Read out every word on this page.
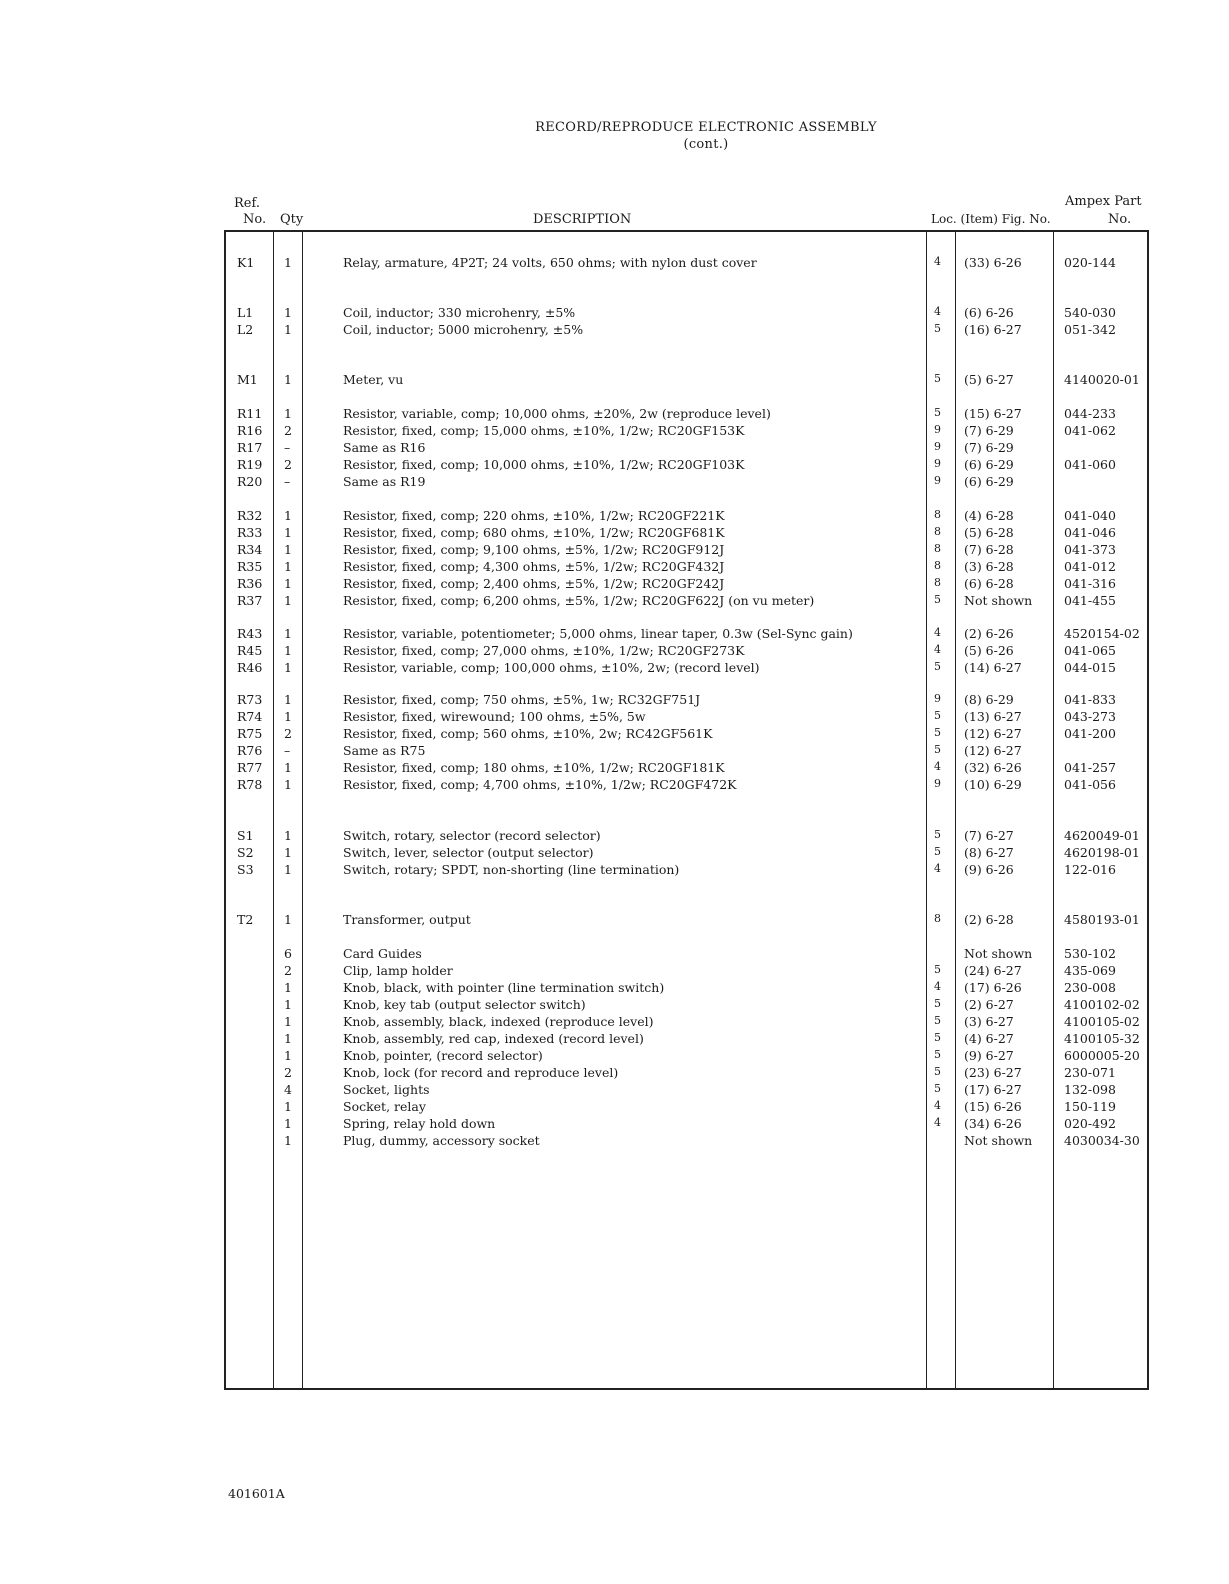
RECORD/REPRODUCE ELECTRONIC ASSEMBLY
(cont.)
Ref.
No. Qty	DESCRIPTION	Loc. (Item) Fig. No.
Ampex Part
No.
K1 1	Relay, armature, 4P2T; 24 volts, 650 ohms; with nylon dust cover	4 (33) 6-26	020-144
L1 1	Coil, inductor; 330 microhenry, ±5%	4 (6) 6-26	540-030
L2 1	Coil, inductor; 5000 microhenry, ±5%	5 (16) 6-27	051-342
M1 1	Meter, vu	5 (5) 6-27	4140020-01
R11 1	Resistor, variable, comp; 10,000 ohms, ±20%, 2w (reproduce level)	5 (15) 6-27	044-233
R16 2	Resistor, fixed, comp; 15,000 ohms, ±10%, 1/2w; RC20GF153K	9 (7) 6-29	041-062
R17 –	Same as R16	9 (7) 6-29
R19 2	Resistor, fixed, comp; 10,000 ohms, ±10%, 1/2w; RC20GF103K	9 (6) 6-29	041-060
R20 –	Same as R19	9 (6) 6-29
R32 1	Resistor, fixed, comp; 220 ohms, ±10%, 1/2w; RC20GF221K	8 (4) 6-28	041-040
R33 1	Resistor, fixed, comp; 680 ohms, ±10%, 1/2w; RC20GF681K	8 (5) 6-28	041-046
R34 1	Resistor, fixed, comp; 9,100 ohms, ±5%, 1/2w; RC20GF912J	8 (7) 6-28	041-373
R35 1	Resistor, fixed, comp; 4,300 ohms, ±5%, 1/2w; RC20GF432J	8 (3) 6-28	041-012
R36 1	Resistor, fixed, comp; 2,400 ohms, ±5%, 1/2w; RC20GF242J	8 (6) 6-28	041-316
R37 1	Resistor, fixed, comp; 6,200 ohms, ±5%, 1/2w; RC20GF622J (on vu meter)	5 Not shown	041-455
R43 1	Resistor, variable, potentiometer; 5,000 ohms, linear taper, 0.3w (Sel-Sync gain)	4 (2) 6-26	4520154-02
R45 1	Resistor, fixed, comp; 27,000 ohms, ±10%, 1/2w; RC20GF273K	4 (5) 6-26	041-065
R46 1	Resistor, variable, comp; 100,000 ohms, ±10%, 2w; (record level)	5 (14) 6-27	044-015
R73 1	Resistor, fixed, comp; 750 ohms, ±5%, 1w; RC32GF751J	9 (8) 6-29	041-833
R74 1	Resistor, fixed, wirewound; 100 ohms, ±5%, 5w	5 (13) 6-27	043-273
R75 2	Resistor, fixed, comp; 560 ohms, ±10%, 2w; RC42GF561K	5 (12) 6-27	041-200
R76 –	Same as R75	5 (12) 6-27
R77 1	Resistor, fixed, comp; 180 ohms, ±10%, 1/2w; RC20GF181K	4 (32) 6-26	041-257
R78 1	Resistor, fixed, comp; 4,700 ohms, ±10%, 1/2w; RC20GF472K	9 (10) 6-29	041-056
S1 1	Switch, rotary, selector (record selector)	5 (7) 6-27	4620049-01
S2 1	Switch, lever, selector (output selector)	5 (8) 6-27	4620198-01
S3 1	Switch, rotary; SPDT, non-shorting (line termination)	4 (9) 6-26	122-016
T2 1	Transformer, output	8 (2) 6-28	4580193-01
6	Card Guides	Not shown	530-102
2	Clip, lamp holder	5 (24) 6-27	435-069
1	Knob, black, with pointer (line termination switch)	4 (17) 6-26	230-008
1	Knob, key tab (output selector switch)	5 (2) 6-27	4100102-02
1	Knob, assembly, black, indexed (reproduce level)	5 (3) 6-27	4100105-02
1	Knob, assembly, red cap, indexed (record level)	5 (4) 6-27	4100105-32
1	Knob, pointer, (record selector)	5 (9) 6-27	6000005-20
2	Knob, lock (for record and reproduce level)	5 (23) 6-27	230-071
4	Socket, lights	5 (17) 6-27	132-098
1	Socket, relay	4 (15) 6-26	150-119
1	Spring, relay hold down	4 (34) 6-26	020-492
1	Plug, dummy, accessory socket	Not shown	4030034-30
401601A
